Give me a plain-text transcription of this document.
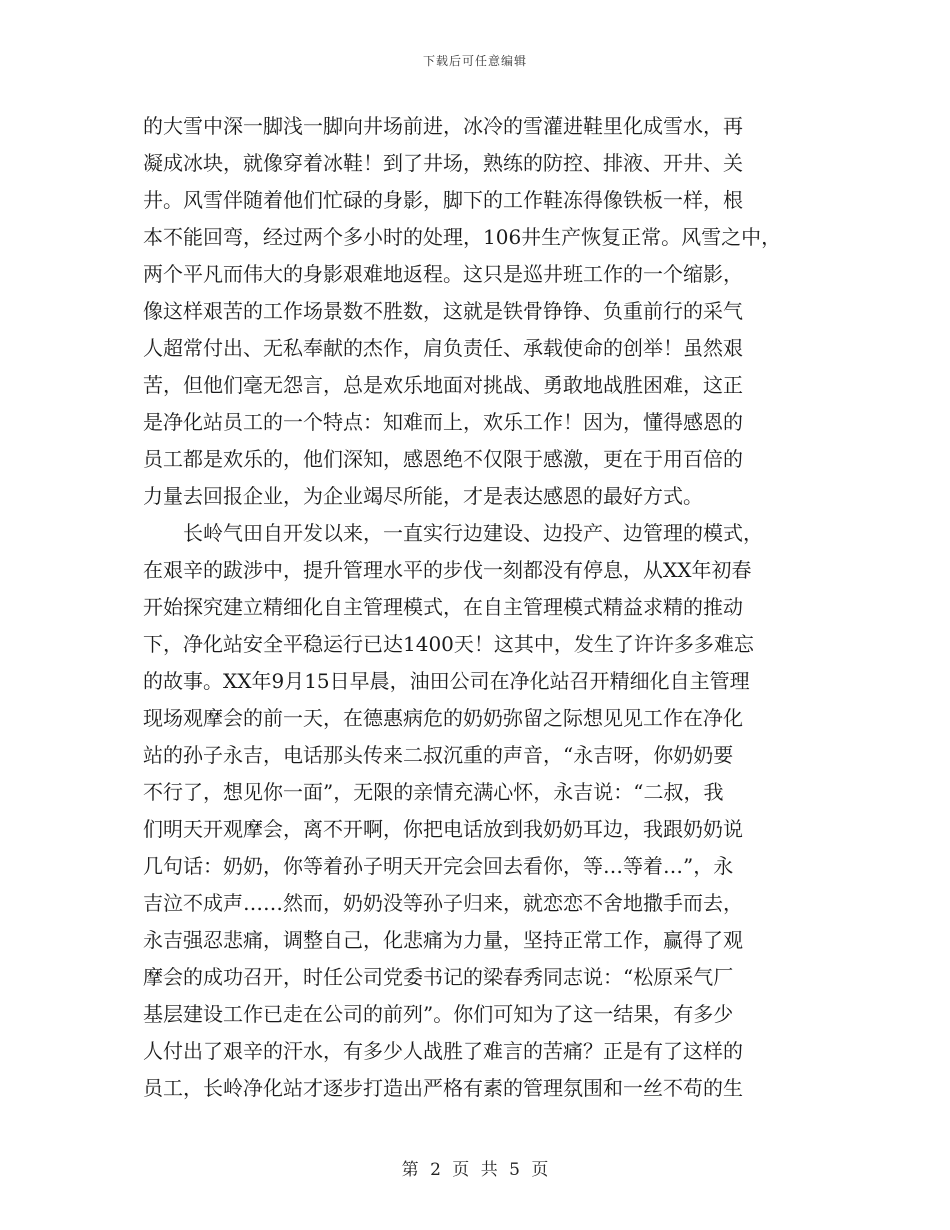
下载后可任意编辑
的大雪中深一脚浅一脚向井场前进，冰冷的雪灌进鞋里化成雪水，再
凝成冰块，就像穿着冰鞋！到了井场，熟练的防控、排液、开井、关
井。风雪伴随着他们忙碌的身影，脚下的工作鞋冻得像铁板一样，根
本不能回弯，经过两个多小时的处理，106井生产恢复正常。风雪之中，
两个平凡而伟大的身影艰难地返程。这只是巡井班工作的一个缩影，
像这样艰苦的工作场景数不胜数，这就是铁骨铮铮、负重前行的采气
人超常付出、无私奉献的杰作，肩负责任、承载使命的创举！虽然艰
苦，但他们毫无怨言，总是欢乐地面对挑战、勇敢地战胜困难，这正
是净化站员工的一个特点：知难而上，欢乐工作！因为，懂得感恩的
员工都是欢乐的，他们深知，感恩绝不仅限于感激，更在于用百倍的
力量去回报企业，为企业竭尽所能，才是表达感恩的最好方式。
长岭气田自开发以来，一直实行边建设、边投产、边管理的模式，
在艰辛的跋涉中，提升管理水平的步伐一刻都没有停息，从XX年初春
开始探究建立精细化自主管理模式，在自主管理模式精益求精的推动
下，净化站安全平稳运行已达1400天！这其中，发生了许许多多难忘
的故事。XX年9月15日早晨，油田公司在净化站召开精细化自主管理
现场观摩会的前一天，在德惠病危的奶奶弥留之际想见见工作在净化
站的孙子永吉，电话那头传来二叔沉重的声音，“永吉呀，你奶奶要
不行了，想见你一面”，无限的亲情充满心怀，永吉说：“二叔，我
们明天开观摩会，离不开啊，你把电话放到我奶奶耳边，我跟奶奶说
几句话：奶奶，你等着孙子明天开完会回去看你，等…等着…”，永
吉泣不成声……然而，奶奶没等孙子归来，就恋恋不舍地撒手而去，
永吉强忍悲痛，调整自己，化悲痛为力量，坚持正常工作，赢得了观
摩会的成功召开，时任公司党委书记的梁春秀同志说：“松原采气厂
基层建设工作已走在公司的前列”。你们可知为了这一结果，有多少
人付出了艰辛的汗水，有多少人战胜了难言的苦痛？正是有了这样的
员工，长岭净化站才逐步打造出严格有素的管理氛围和一丝不苟的生
第 2 页 共 5 页
